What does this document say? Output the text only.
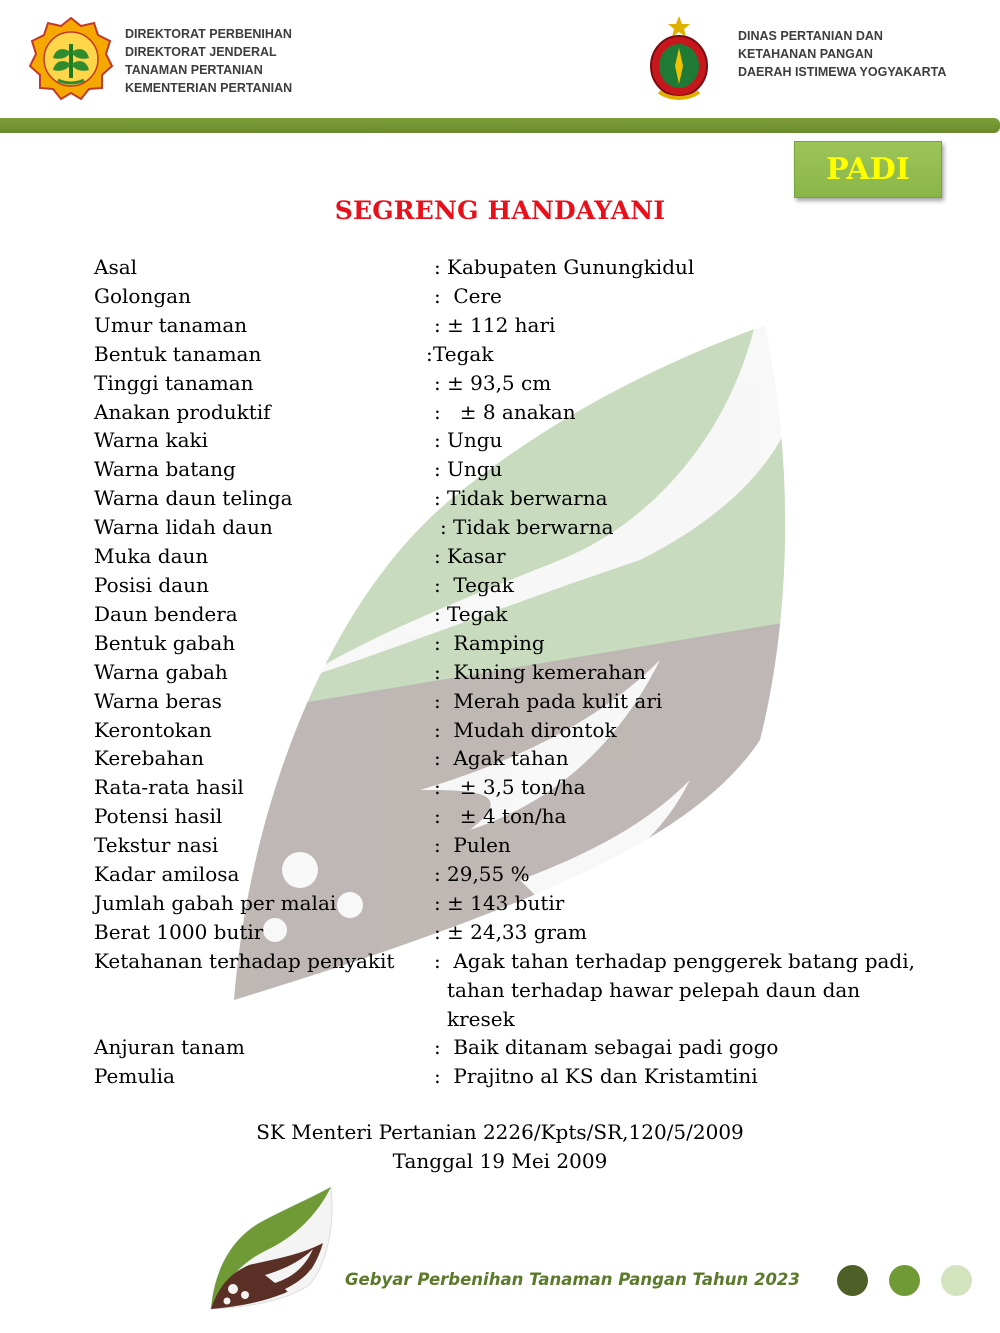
DIREKTORAT PERBENIHAN
DIREKTORAT JENDERAL
TANAMAN PERTANIAN
KEMENTERIAN PERTANIAN
DINAS PERTANIAN DAN
KETAHANAN PANGAN
DAERAH ISTIMEWA YOGYAKARTA
PADI
SEGRENG HANDAYANI
Asal	: Kabupaten Gunungkidul
Golongan	: Cere
Umur tanaman	: ± 112 hari
Bentuk tanaman	: Tegak
Tinggi tanaman	: ± 93,5 cm
Anakan produktif	: ± 8 anakan
Warna kaki	: Ungu
Warna batang	: Ungu
Warna daun telinga	: Tidak berwarna
Warna lidah daun	: Tidak berwarna
Muka daun	: Kasar
Posisi daun	: Tegak
Daun bendera	: Tegak
Bentuk gabah	: Ramping
Warna gabah	: Kuning kemerahan
Warna beras	: Merah pada kulit ari
Kerontokan	: Mudah dirontok
Kerebahan	: Agak tahan
Rata-rata hasil	: ± 3,5 ton/ha
Potensi hasil	: ± 4 ton/ha
Tekstur nasi	: Pulen
Kadar amilosa	: 29,55 %
Jumlah gabah per malai	: ± 143 butir
Berat 1000 butir	: ± 24,33 gram
Ketahanan terhadap penyakit : Agak tahan terhadap penggerek batang padi, tahan terhadap hawar pelepah daun dan kresek
Anjuran tanam	: Baik ditanam sebagai padi gogo
Pemulia	: Prajitno al KS dan Kristamtini
SK Menteri Pertanian 2226/Kpts/SR,120/5/2009
Tanggal 19 Mei 2009
Gebyar Perbenihan Tanaman Pangan Tahun 2023
